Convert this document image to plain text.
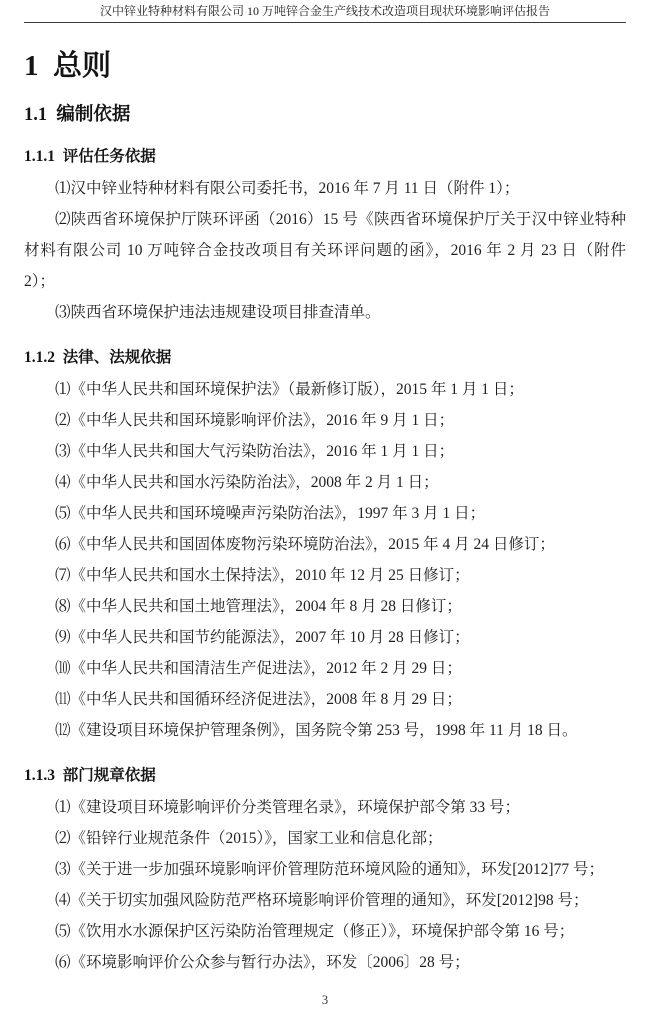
汉中锌业特种材料有限公司 10 万吨锌合金生产线技术改造项目现状环境影响评估报告
1  总则
1.1  编制依据
1.1.1  评估任务依据

⑴汉中锌业特种材料有限公司委托书，2016 年 7 月 11 日（附件 1）；

⑵陕西省环境保护厅陕环评函（2016）15 号《陕西省环境保护厅关于汉中锌业特种材料有限公司 10 万吨锌合金技改项目有关环评问题的函》，2016 年 2 月 23 日（附件 2）；

⑶陕西省环境保护违法违规建设项目排查清单。

1.1.2  法律、法规依据

⑴《中华人民共和国环境保护法》（最新修订版），2015 年 1 月 1 日；

⑵《中华人民共和国环境影响评价法》，2016 年 9 月 1 日；

⑶《中华人民共和国大气污染防治法》，2016 年 1 月 1 日；

⑷《中华人民共和国水污染防治法》，2008 年 2 月 1 日；

⑸《中华人民共和国环境噪声污染防治法》，1997 年 3 月 1 日；

⑹《中华人民共和国固体废物污染环境防治法》，2015 年 4 月 24 日修订；

⑺《中华人民共和国水土保持法》，2010 年 12 月 25 日修订；

⑻《中华人民共和国土地管理法》，2004 年 8 月 28 日修订；

⑼《中华人民共和国节约能源法》，2007 年 10 月 28 日修订；

⑽《中华人民共和国清洁生产促进法》，2012 年 2 月 29 日；

⑾《中华人民共和国循环经济促进法》，2008 年 8 月 29 日；

⑿《建设项目环境保护管理条例》，国务院令第 253 号，1998 年 11 月 18 日。

1.1.3  部门规章依据

⑴《建设项目环境影响评价分类管理名录》，环境保护部令第 33 号；

⑵《铅锌行业规范条件（2015）》，国家工业和信息化部；

⑶《关于进一步加强环境影响评价管理防范环境风险的通知》，环发[2012]77 号；

⑷《关于切实加强风险防范严格环境影响评价管理的通知》，环发[2012]98 号；

⑸《饮用水水源保护区污染防治管理规定（修正）》，环境保护部令第 16 号；

⑹《环境影响评价公众参与暂行办法》，环发〔2006〕28 号；

3
